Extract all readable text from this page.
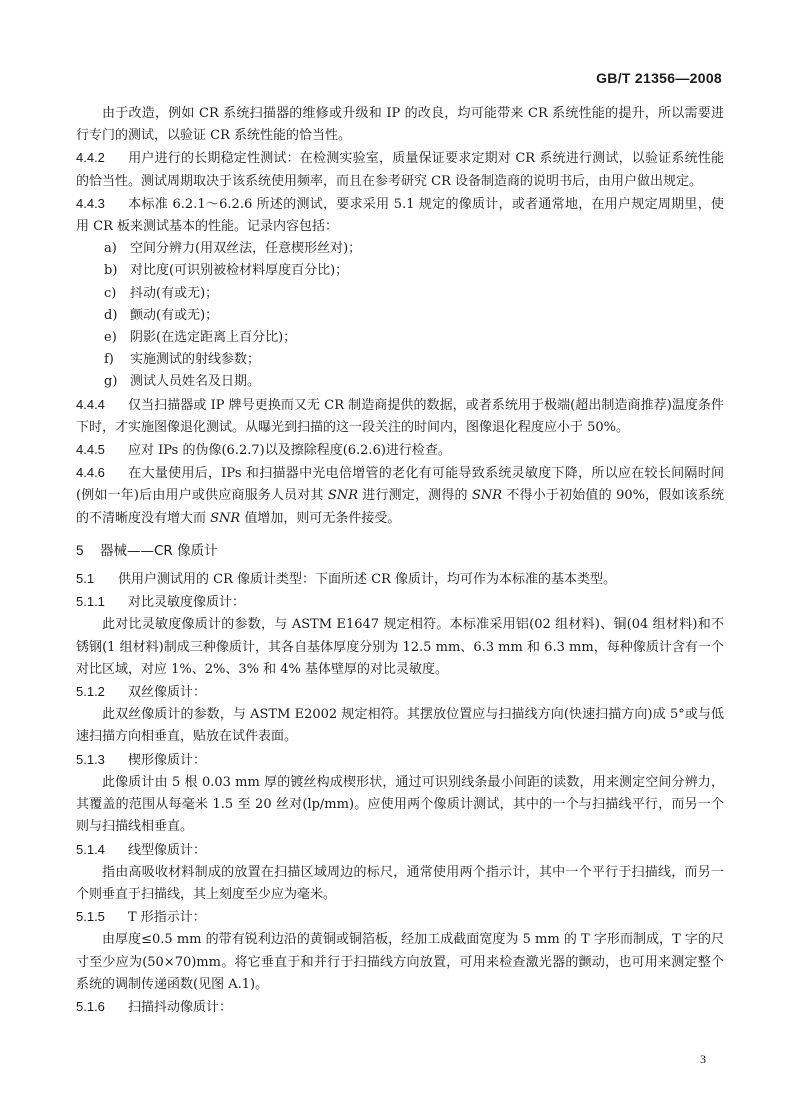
GB/T 21356—2008

由于改造，例如 CR 系统扫描器的维修或升级和 IP 的改良，均可能带来 CR 系统性能的提升，所以需要进行专门的测试，以验证 CR 系统性能的恰当性。

4.4.2 用户进行的长期稳定性测试：在检测实验室，质量保证要求定期对 CR 系统进行测试，以验证系统性能的恰当性。测试周期取决于该系统使用频率，而且在参考研究 CR 设备制造商的说明书后，由用户做出规定。

4.4.3 本标准 6.2.1～6.2.6 所述的测试，要求采用 5.1 规定的像质计，或者通常地，在用户规定周期里，使用 CR 板来测试基本的性能。记录内容包括：

a) 空间分辨力(用双丝法，任意楔形丝对)；

b) 对比度(可识别被检材料厚度百分比)；

c) 抖动(有或无)；

d) 颤动(有或无)；

e) 阴影(在选定距离上百分比)；

f) 实施测试的射线参数；

g) 测试人员姓名及日期。

4.4.4 仅当扫描器或 IP 牌号更换而又无 CR 制造商提供的数据，或者系统用于极端(超出制造商推荐)温度条件下时，才实施图像退化测试。从曝光到扫描的这一段关注的时间内，图像退化程度应小于 50%。

4.4.5 应对 IPs 的伪像(6.2.7)以及擦除程度(6.2.6)进行检查。

4.4.6 在大量使用后，IPs 和扫描器中光电倍增管的老化有可能导致系统灵敏度下降，所以应在较长间隔时间(例如一年)后由用户或供应商服务人员对其 SNR 进行测定，测得的 SNR 不得小于初始值的 90%，假如该系统的不清晰度没有增大而 SNR 值增加，则可无条件接受。

5 器械——CR 像质计

5.1 供用户测试用的 CR 像质计类型：下面所述 CR 像质计，均可作为本标准的基本类型。

5.1.1 对比灵敏度像质计：

此对比灵敏度像质计的参数，与 ASTM E1647 规定相符。本标准采用铝(02 组材料)、铜(04 组材料)和不锈钢(1 组材料)制成三种像质计，其各自基体厚度分别为 12.5 mm、6.3 mm 和 6.3 mm，每种像质计含有一个对比区域，对应 1%、2%、3% 和 4% 基体壁厚的对比灵敏度。

5.1.2 双丝像质计：

此双丝像质计的参数，与 ASTM E2002 规定相符。其摆放位置应与扫描线方向(快速扫描方向)成 5°或与低速扫描方向相垂直，贴放在试件表面。

5.1.3 楔形像质计：

此像质计由 5 根 0.03 mm 厚的镀丝构成楔形状，通过可识别线条最小间距的读数，用来测定空间分辨力，其覆盖的范围从每毫米 1.5 至 20 丝对(lp/mm)。应使用两个像质计测试，其中的一个与扫描线平行，而另一个则与扫描线相垂直。

5.1.4 线型像质计：

指由高吸收材料制成的放置在扫描区域周边的标尺，通常使用两个指示计，其中一个平行于扫描线，而另一个则垂直于扫描线，其上刻度至少应为毫米。

5.1.5 T 形指示计：

由厚度≤0.5 mm 的带有锐利边沿的黄铜或铜箔板，经加工成截面宽度为 5 mm 的 T 字形而制成，T 字的尺寸至少应为(50×70)mm。将它垂直于和并行于扫描线方向放置，可用来检查激光器的颤动，也可用来测定整个系统的调制传递函数(见图 A.1)。

5.1.6 扫描抖动像质计：

3
